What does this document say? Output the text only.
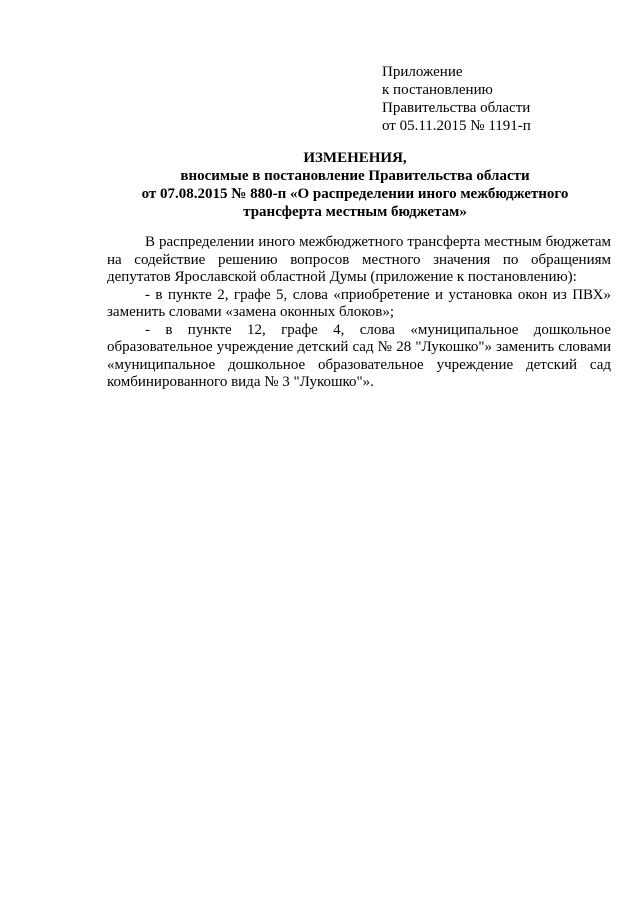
Приложение
к постановлению
Правительства области
от 05.11.2015 № 1191-п
ИЗМЕНЕНИЯ,
вносимые в постановление Правительства области
от 07.08.2015 № 880-п «О распределении иного межбюджетного
трансферта местным бюджетам»

В распределении иного межбюджетного трансферта местным бюджетам на содействие решению вопросов местного значения по обращениям депутатов Ярославской областной Думы (приложение к постановлению):

- в пункте 2, графе 5, слова «приобретение и установка окон из ПВХ» заменить словами «замена оконных блоков»;

- в пункте 12, графе 4, слова «муниципальное дошкольное образовательное учреждение детский сад № 28 "Лукошко"» заменить словами «муниципальное дошкольное образовательное учреждение детский сад комбинированного вида № 3 "Лукошко"».
